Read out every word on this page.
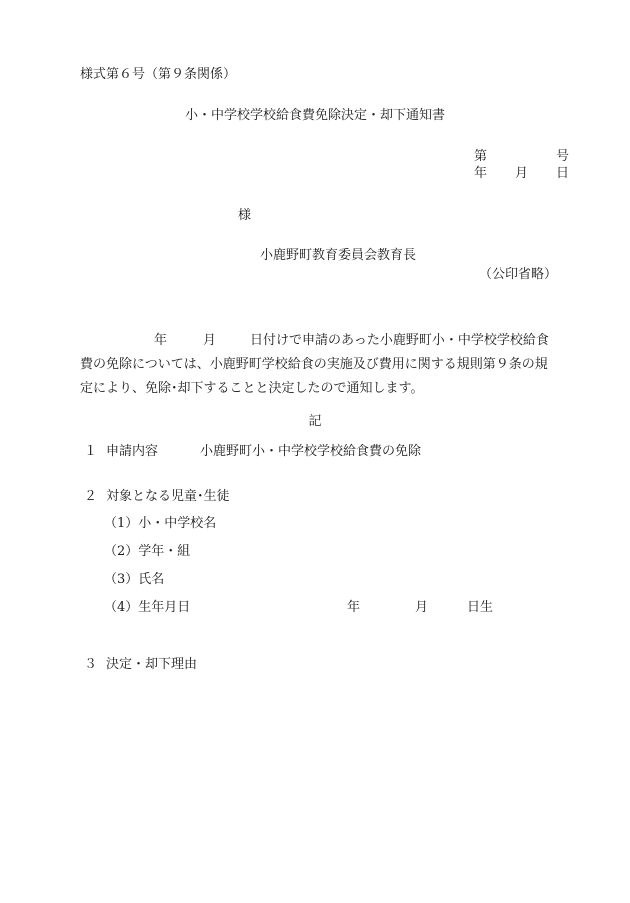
様式第６号（第９条関係）
小・中学校学校給食費免除決定・却下通知書
第	号
年 月 日
様
小鹿野町教育委員会教育長
（公印省略）
年	月	日付けで申請のあった小鹿野町小・中学校学校給食
費の免除については、小鹿野町学校給食の実施及び費用に関する規則第９条の規
定により、免除･却下することと決定したので通知します。
記
１ 申請内容	小鹿野町小・中学校学校給食費の免除
２ 対象となる児童･生徒
（1）小・中学校名
（2）学年・組
（3）氏名
（4）生年月日	年	月	日生
３ 決定・却下理由
